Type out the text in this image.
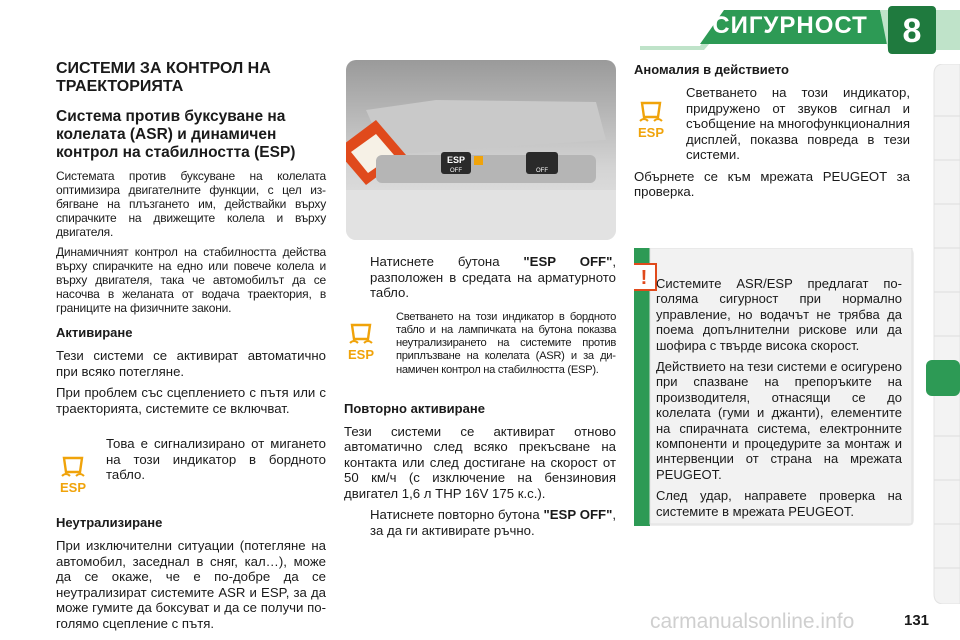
СИГУРНОСТ	8
СИСТЕМИ ЗА КОНТРОЛ НА ТРАЕКТОРИЯТА
Система против буксуване на колелата (ASR) и динамичен контрол на стабилността (ESP)

Системата против буксуване на колелата оптимизира двигателните функции, с цел избягване на плъзгането им, действайки върху спирачките на движещите колела и върху двигателя.

Динамичният контрол на стабилността действа върху спирачките на едно или повече колела и върху двигателя, така че автомобилът да се насочва в желаната от водача траектория, в границите на физичните закони.

Активиране

Тези системи се активират автоматично при всяко потегляне.

При проблем със сцеплението с пътя или с траекторията, системите се включват.

ESP

Това е сигнализирано от мигането на този индикатор в бордното табло.

Неутрализиране

При изключителни ситуации (потегляне на автомобил, заседнал в сняг, кал…), може да се окаже, че е по-добре да се неутрализират системите ASR и ESP, за да може гумите да боксуват и да се получи по-голямо сцепление с пътя.

ESP
OFF	OFF

Натиснете бутона "ESP OFF", разположен в средата на арматурното табло.

ESP

Светването на този индикатор в бордното табло и на лампичката на бутона показва неутрализирането на системите против приплъзване на колелата (ASR) и за динамичен контрол на стабилността (ESP).

Повторно активиране

Тези системи се активират отново автоматично след всяко прекъсване на контакта или след достигане на скорост от 50 км/ч (с изключение на бензиновия двигател 1,6 л THP 16V 175 к.с.).

Натиснете повторно бутона "ESP OFF", за да ги активирате ръчно.

Аномалия в действието
ESP

Светването на този индикатор, придружено от звуков сигнал и съобщение на многофункционалния дисплей, показва повреда в тези системи.

Обърнете се към мрежата PEUGEOT за проверка.

! Системите ASR/ESP предлагат по-голяма сигурност при нормално управление, но водачът не трябва да поема допълнителни рискове или да шофира с твърде висока скорост.

Действието на тези системи е осигурено при спазване на препоръките на производителя, отнасящи се до колелата (гуми и джанти), елементите на спирачната система, електронните компоненти и процедурите за монтаж и интервенции от страна на мрежата PEUGEOT.

След удар, направете проверка на системите в мрежата PEUGEOT.

carmanualsonline.info	131
